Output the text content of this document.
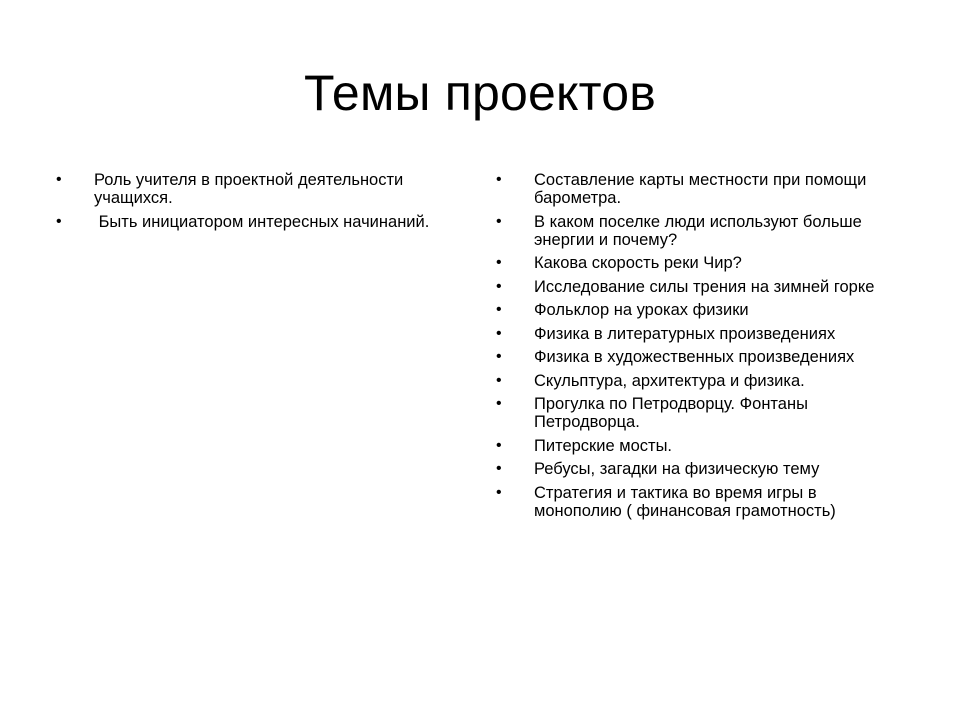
Темы проектов
•	Роль учителя в проектной деятельности учащихся.
•	Быть инициатором интересных начинаний.
•	Составление карты местности при помощи барометра.
•	В каком поселке люди используют больше энергии и почему?
•	Какова скорость реки Чир?
•	Исследование силы трения на зимней горке
•	Фольклор на уроках физики
•	Физика в литературных произведениях
•	Физика в художественных произведениях
•	Скульптура, архитектура и физика.
•	Прогулка по Петродворцу. Фонтаны Петродворца.
•	Питерские мосты.
•	Ребусы, загадки на физическую тему
•	Стратегия и тактика во время игры в монополию ( финансовая грамотность)
